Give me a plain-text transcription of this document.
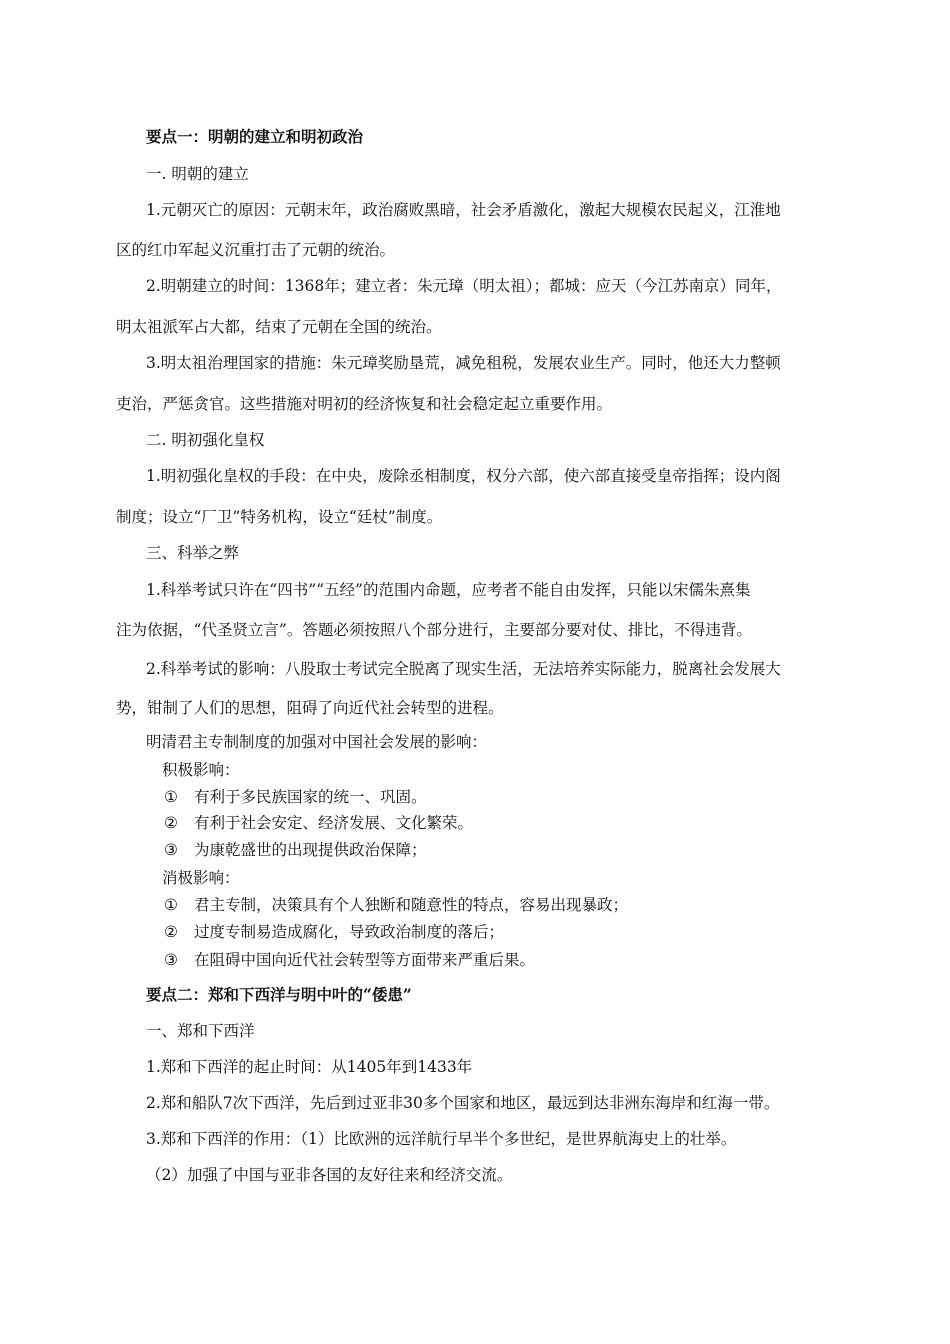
要点一：明朝的建立和明初政治
一. 明朝的建立
1.元朝灭亡的原因：元朝末年，政治腐败黑暗，社会矛盾激化，激起大规模农民起义，江淮地
区的红巾军起义沉重打击了元朝的统治。
2.明朝建立的时间：1368年；建立者：朱元璋（明太祖）；都城：应天（今江苏南京）同年，
明太祖派军占大都，结束了元朝在全国的统治。
3.明太祖治理国家的措施：朱元璋奖励垦荒，减免租税，发展农业生产。同时，他还大力整顿
吏治，严惩贪官。这些措施对明初的经济恢复和社会稳定起立重要作用。
二. 明初强化皇权
1.明初强化皇权的手段：在中央，废除丞相制度，权分六部，使六部直接受皇帝指挥；设内阁
制度；设立“厂卫”特务机构，设立“廷杖”制度。
三、科举之弊
1.科举考试只许在“四书”“五经”的范围内命题，应考者不能自由发挥，只能以宋儒朱熹集
注为依据，“代圣贤立言”。答题必须按照八个部分进行，主要部分要对仗、排比，不得违背。
2.科举考试的影响：八股取士考试完全脱离了现实生活，无法培养实际能力，脱离社会发展大
势，钳制了人们的思想，阻碍了向近代社会转型的进程。
明清君主专制制度的加强对中国社会发展的影响：
积极影响：
① 有利于多民族国家的统一、巩固。
② 有利于社会安定、经济发展、文化繁荣。
③ 为康乾盛世的出现提供政治保障；
消极影响：
① 君主专制，决策具有个人独断和随意性的特点，容易出现暴政；
② 过度专制易造成腐化，导致政治制度的落后；
③ 在阻碍中国向近代社会转型等方面带来严重后果。
要点二：郑和下西洋与明中叶的“倭患”
一、郑和下西洋
1.郑和下西洋的起止时间：从1405年到1433年
2.郑和船队7次下西洋，先后到过亚非30多个国家和地区，最远到达非洲东海岸和红海一带。
3.郑和下西洋的作用：（1）比欧洲的远洋航行早半个多世纪，是世界航海史上的壮举。
（2）加强了中国与亚非各国的友好往来和经济交流。
